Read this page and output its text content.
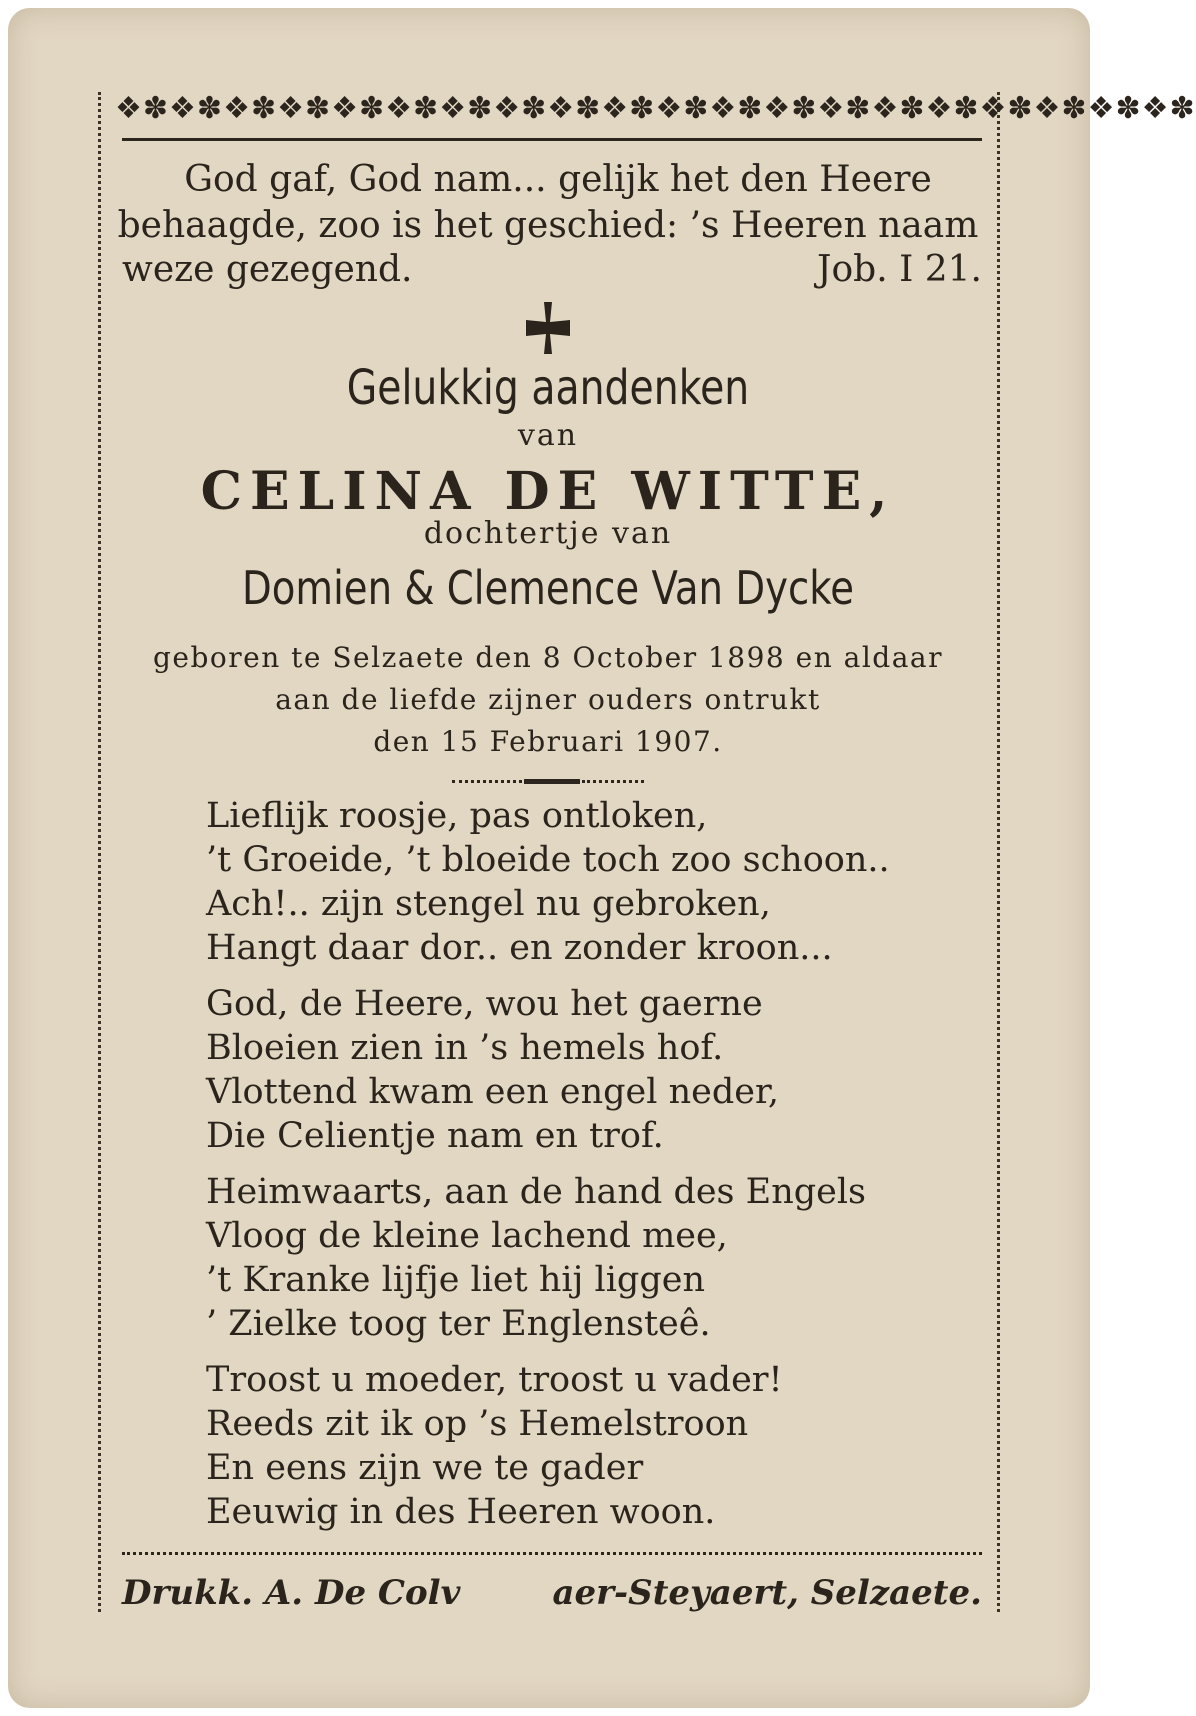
❖✽❖✽❖✽❖✽❖✽❖✽❖✽❖✽❖✽❖✽❖✽❖✽❖✽❖✽❖✽❖✽❖✽❖✽❖✽❖✽

God gaf, God nam... gelijk het den Heere

behaagde, zoo is het geschied: ’s Heeren naam

weze gezegend.	Job. I 21.

Gelukkig aandenken

van

CELINA DE WITTE,

dochtertje van

Domien & Clemence Van Dycke

geboren te Selzaete den 8 October 1898 en aldaar

aan de liefde zijner ouders ontrukt

den 15 Februari 1907.

Lieflijk roosje, pas ontloken,
’t Groeide, ’t bloeide toch zoo schoon..
Ach!.. zijn stengel nu gebroken,
Hangt daar dor.. en zonder kroon...
God, de Heere, wou het gaerne
Bloeien zien in ’s hemels hof.
Vlottend kwam een engel neder,
Die Celientje nam en trof.
Heimwaarts, aan de hand des Engels
Vloog de kleine lachend mee,
’t Kranke lijfje liet hij liggen
’ Zielke toog ter Englensteê.
Troost u moeder, troost u vader!
Reeds zit ik op ’s Hemelstroon
En eens zijn we te gader
Eeuwig in des Heeren woon.
Drukk. A. De Colv	aer-Steyaert, Selzaete.
